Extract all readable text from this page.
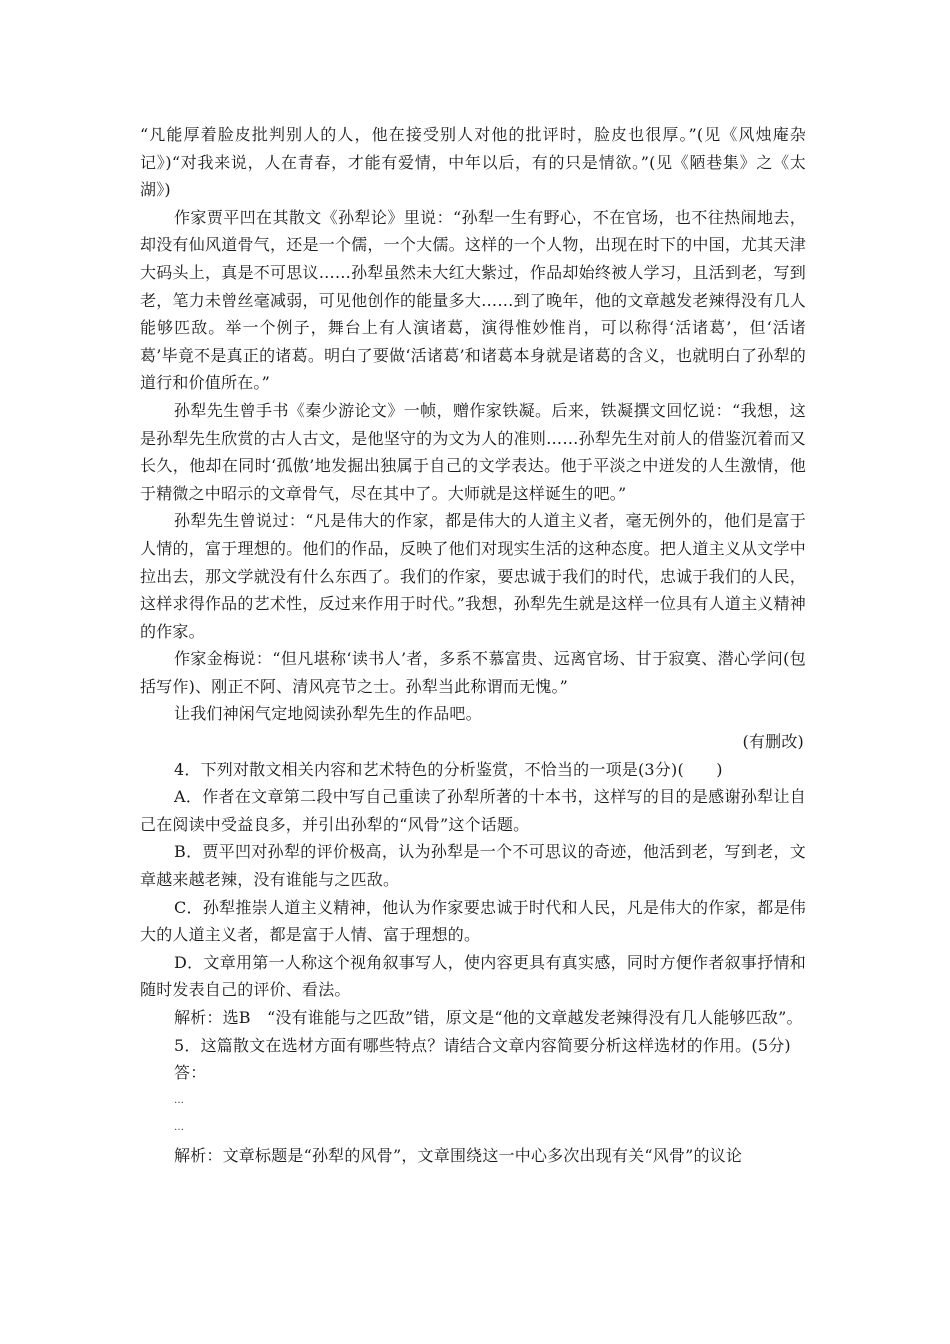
“凡能厚着脸皮批判别人的人，他在接受别人对他的批评时，脸皮也很厚。”(见《风烛庵杂记》)“对我来说，人在青春，才能有爱情，中年以后，有的只是情欲。”(见《陋巷集》之《太湖》)

作家贾平凹在其散文《孙犁论》里说：“孙犁一生有野心，不在官场，也不往热闹地去，却没有仙风道骨气，还是一个儒，一个大儒。这样的一个人物，出现在时下的中国，尤其天津大码头上，真是不可思议……孙犁虽然未大红大紫过，作品却始终被人学习，且活到老，写到老，笔力未曾丝毫减弱，可见他创作的能量多大……到了晚年，他的文章越发老辣得没有几人能够匹敌。举一个例子，舞台上有人演诸葛，演得惟妙惟肖，可以称得‘活诸葛’，但‘活诸葛’毕竟不是真正的诸葛。明白了要做‘活诸葛’和诸葛本身就是诸葛的含义，也就明白了孙犁的道行和价值所在。”

孙犁先生曾手书《秦少游论文》一帧，赠作家铁凝。后来，铁凝撰文回忆说：“我想，这是孙犁先生欣赏的古人古文，是他坚守的为文为人的准则……孙犁先生对前人的借鉴沉着而又长久，他却在同时‘孤傲’地发掘出独属于自己的文学表达。他于平淡之中迸发的人生激情，他于精微之中昭示的文章骨气，尽在其中了。大师就是这样诞生的吧。”

孙犁先生曾说过：“凡是伟大的作家，都是伟大的人道主义者，毫无例外的，他们是富于人情的，富于理想的。他们的作品，反映了他们对现实生活的这种态度。把人道主义从文学中拉出去，那文学就没有什么东西了。我们的作家，要忠诚于我们的时代，忠诚于我们的人民，这样求得作品的艺术性，反过来作用于时代。”我想，孙犁先生就是这样一位具有人道主义精神的作家。

作家金梅说：“但凡堪称‘读书人’者，多系不慕富贵、远离官场、甘于寂寞、潜心学问(包括写作)、刚正不阿、清风亮节之士。孙犁当此称谓而无愧。”

让我们神闲气定地阅读孙犁先生的作品吧。

(有删改)

4．下列对散文相关内容和艺术特色的分析鉴赏，不恰当的一项是(3分)(　　)

A．作者在文章第二段中写自己重读了孙犁所著的十本书，这样写的目的是感谢孙犁让自己在阅读中受益良多，并引出孙犁的“风骨”这个话题。

B．贾平凹对孙犁的评价极高，认为孙犁是一个不可思议的奇迹，他活到老，写到老，文章越来越老辣，没有谁能与之匹敌。

C．孙犁推崇人道主义精神，他认为作家要忠诚于时代和人民，凡是伟大的作家，都是伟大的人道主义者，都是富于人情、富于理想的。

D．文章用第一人称这个视角叙事写人，使内容更具有真实感，同时方便作者叙事抒情和随时发表自己的评价、看法。

解析：选B　“没有谁能与之匹敌”错，原文是“他的文章越发老辣得没有几人能够匹敌”。

5．这篇散文在选材方面有哪些特点？请结合文章内容简要分析这样选材的作用。(5分)

答：

…

…

解析：文章标题是“孙犁的风骨”，文章围绕这一中心多次出现有关“风骨”的议论
